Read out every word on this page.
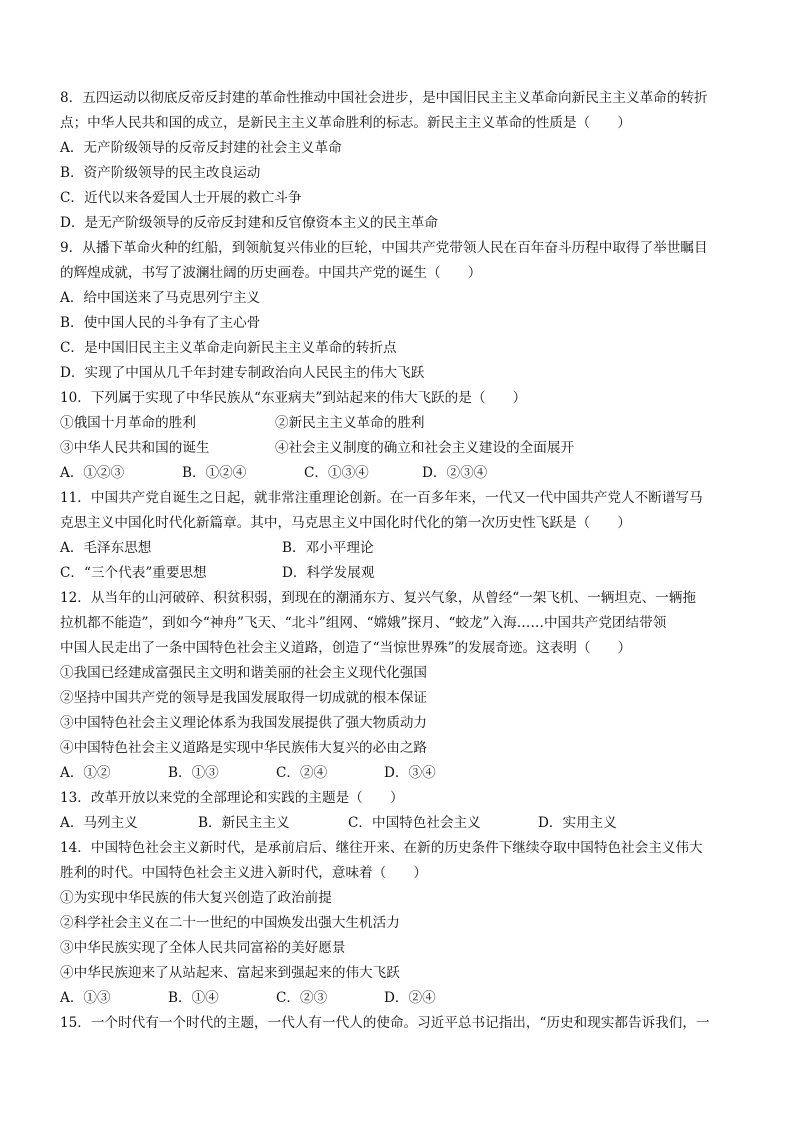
8．五四运动以彻底反帝反封建的革命性推动中国社会进步，是中国旧民主主义革命向新民主主义革命的转折
点；中华人民共和国的成立，是新民主主义革命胜利的标志。新民主主义革命的性质是（　　）
A．无产阶级领导的反帝反封建的社会主义革命
B．资产阶级领导的民主改良运动
C．近代以来各爱国人士开展的救亡斗争
D．是无产阶级领导的反帝反封建和反官僚资本主义的民主革命
9．从播下革命火种的红船，到领航复兴伟业的巨轮，中国共产党带领人民在百年奋斗历程中取得了举世瞩目
的辉煌成就，书写了波澜壮阔的历史画卷。中国共产党的诞生（　　）
A．给中国送来了马克思列宁主义
B．使中国人民的斗争有了主心骨
C．是中国旧民主主义革命走向新民主主义革命的转折点
D．实现了中国从几千年封建专制政治向人民民主的伟大飞跃
10．下列属于实现了中华民族从“东亚病夫”到站起来的伟大飞跃的是（　　）
①俄国十月革命的胜利	②新民主主义革命的胜利
③中华人民共和国的诞生	④社会主义制度的确立和社会主义建设的全面展开
A．①②③	B．①②④	C．①③④	D．②③④
11．中国共产党自诞生之日起，就非常注重理论创新。在一百多年来，一代又一代中国共产党人不断谱写马
克思主义中国化时代化新篇章。其中，马克思主义中国化时代化的第一次历史性飞跃是（　　）
A．毛泽东思想	B．邓小平理论
C．“三个代表”重要思想	D．科学发展观
12．从当年的山河破碎、积贫积弱，到现在的潮涌东方、复兴气象，从曾经“一架飞机、一辆坦克、一辆拖
拉机都不能造”，到如今“神舟”飞天、“北斗”组网、“嫦娥”探月、“蛟龙”入海……中国共产党团结带领
中国人民走出了一条中国特色社会主义道路，创造了“当惊世界殊”的发展奇迹。这表明（　　）
①我国已经建成富强民主文明和谐美丽的社会主义现代化强国
②坚持中国共产党的领导是我国发展取得一切成就的根本保证
③中国特色社会主义理论体系为我国发展提供了强大物质动力
④中国特色社会主义道路是实现中华民族伟大复兴的必由之路
A．①②	B．①③	C．②④	D．③④
13．改革开放以来党的全部理论和实践的主题是（　　）
A．马列主义	B．新民主主义	C．中国特色社会主义	D．实用主义
14．中国特色社会主义新时代，是承前启后、继往开来、在新的历史条件下继续夺取中国特色社会主义伟大
胜利的时代。中国特色社会主义进入新时代，意味着（　　）
①为实现中华民族的伟大复兴创造了政治前提
②科学社会主义在二十一世纪的中国焕发出强大生机活力
③中华民族实现了全体人民共同富裕的美好愿景
④中华民族迎来了从站起来、富起来到强起来的伟大飞跃
A．①③	B．①④	C．②③	D．②④
15．一个时代有一个时代的主题，一代人有一代人的使命。习近平总书记指出，“历史和现实都告诉我们，一
